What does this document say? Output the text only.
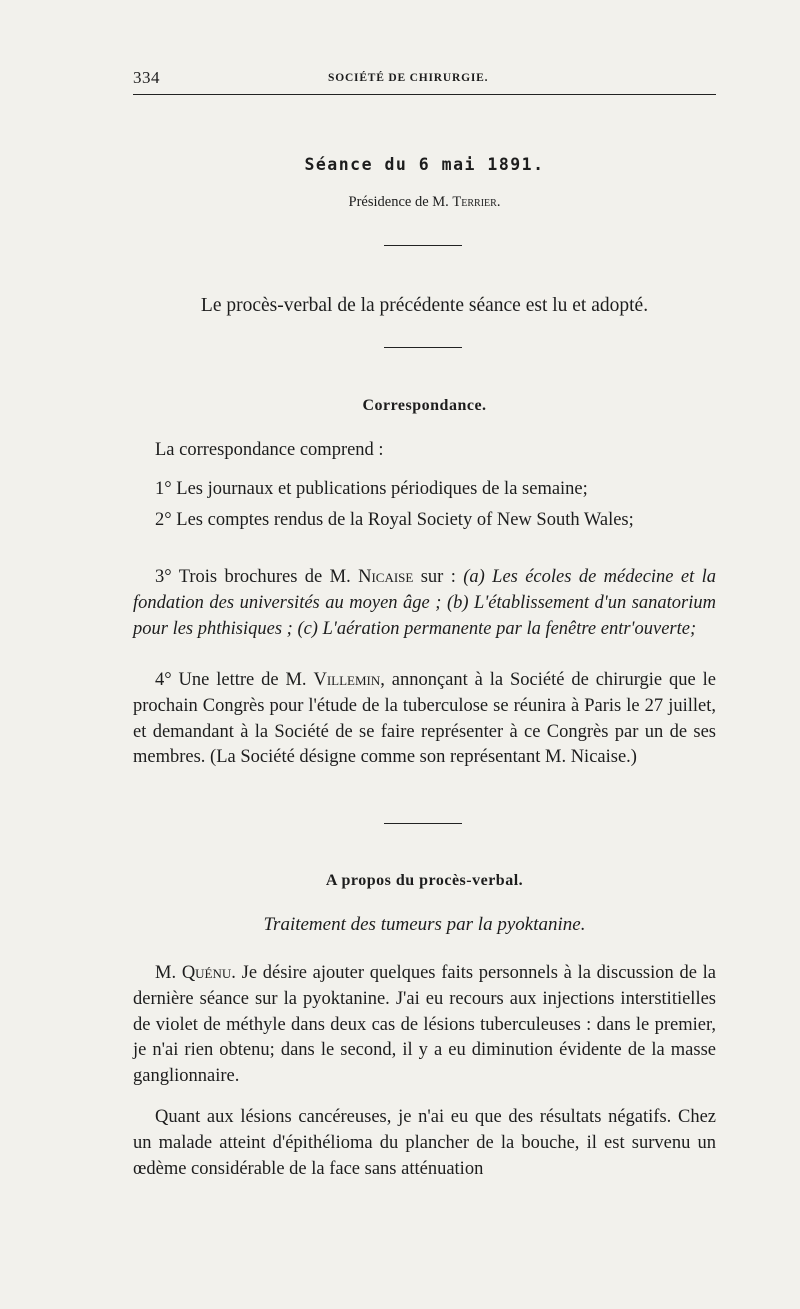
334	SOCIÉTÉ DE CHIRURGIE.
Séance du 6 mai 1891.
Présidence de M. Terrier.
Le procès-verbal de la précédente séance est lu et adopté.
Correspondance.
La correspondance comprend :
1° Les journaux et publications périodiques de la semaine;
2° Les comptes rendus de la Royal Society of New South Wales;
3° Trois brochures de M. Nicaise sur : (a) Les écoles de médecine et la fondation des universités au moyen âge ; (b) L'établissement d'un sanatorium pour les phthisiques ; (c) L'aération permanente par la fenêtre entr'ouverte;
4° Une lettre de M. Villemin, annonçant à la Société de chirurgie que le prochain Congrès pour l'étude de la tuberculose se réunira à Paris le 27 juillet, et demandant à la Société de se faire représenter à ce Congrès par un de ses membres. (La Société désigne comme son représentant M. Nicaise.)
A propos du procès-verbal.
Traitement des tumeurs par la pyoktanine.
M. Quénu. Je désire ajouter quelques faits personnels à la discussion de la dernière séance sur la pyoktanine. J'ai eu recours aux injections interstitielles de violet de méthyle dans deux cas de lésions tuberculeuses : dans le premier, je n'ai rien obtenu; dans le second, il y a eu diminution évidente de la masse ganglionnaire.
Quant aux lésions cancéreuses, je n'ai eu que des résultats négatifs. Chez un malade atteint d'épithélioma du plancher de la bouche, il est survenu un œdème considérable de la face sans atténuation
